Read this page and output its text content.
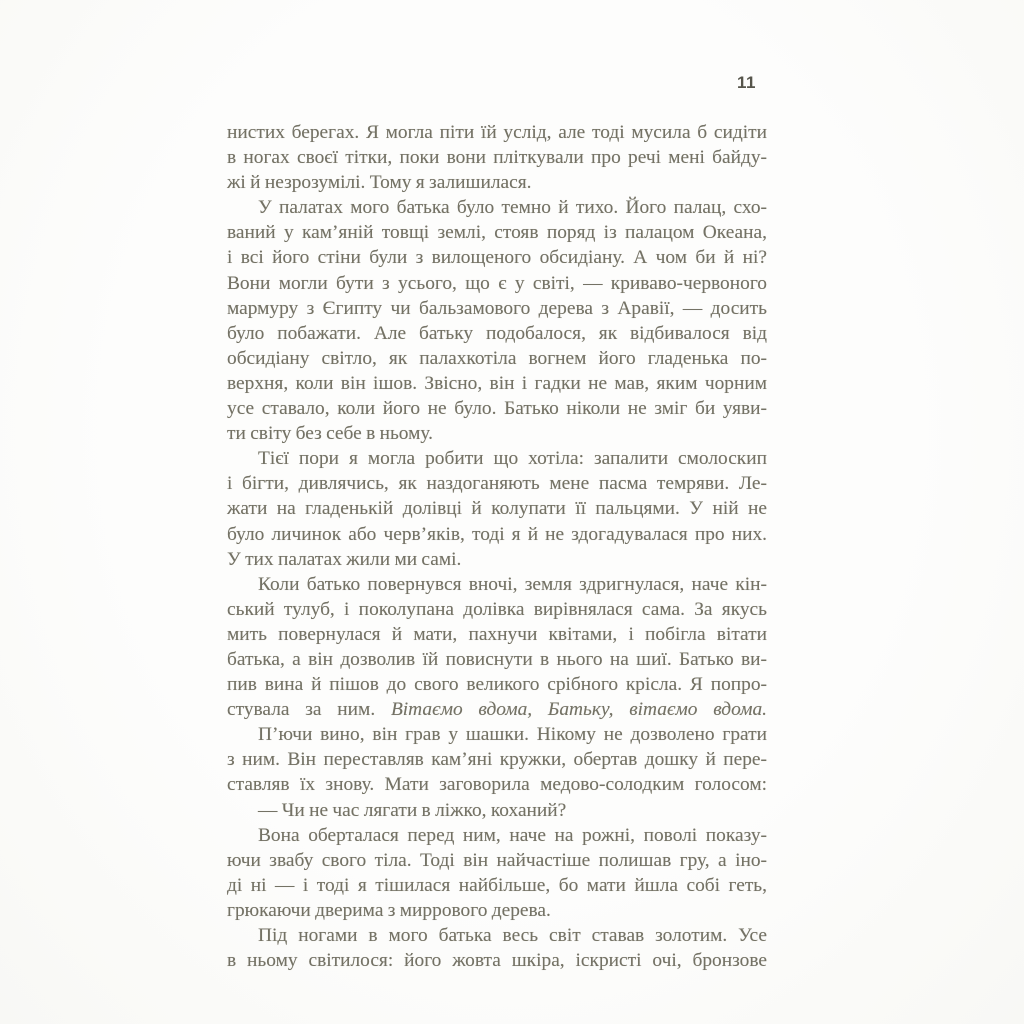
11
нистих берегах. Я могла піти їй услід, але тоді мусила б сидіти
в ногах своєї тітки, поки вони пліткували про речі мені байду-
жі й незрозумілі. Тому я залишилася.
У палатах мого батька було темно й тихо. Його палац, схо-
ваний у кам’яній товщі землі, стояв поряд із палацом Океана,
і всі його стіни були з вилощеного обсидіану. А чом би й ні?
Вони могли бути з усього, що є у світі, — криваво-червоного
мармуру з Єгипту чи бальзамового дерева з Аравії, — досить
було побажати. Але батьку подобалося, як відбивалося від
обсидіану світло, як палахкотіла вогнем його гладенька по-
верхня, коли він ішов. Звісно, він і гадки не мав, яким чорним
усе ставало, коли його не було. Батько ніколи не зміг би уяви-
ти світу без себе в ньому.
Тієї пори я могла робити що хотіла: запалити смолоскип
і бігти, дивлячись, як наздоганяють мене пасма темряви. Ле-
жати на гладенькій долівці й колупати її пальцями. У ній не
було личинок або черв’яків, тоді я й не здогадувалася про них.
У тих палатах жили ми самі.
Коли батько повернувся вночі, земля здригнулася, наче кін-
ський тулуб, і поколупана долівка вирівнялася сама. За якусь
мить повернулася й мати, пахнучи квітами, і побігла вітати
батька, а він дозволив їй повиснути в нього на шиї. Батько ви-
пив вина й пішов до свого великого срібного крісла. Я попро-
стувала за ним. Вітаємо вдома, Батьку, вітаємо вдома.
П’ючи вино, він грав у шашки. Нікому не дозволено грати
з ним. Він переставляв кам’яні кружки, обертав дошку й пере-
ставляв їх знову. Мати заговорила медово-солодким голосом:
— Чи не час лягати в ліжко, коханий?
Вона оберталася перед ним, наче на рожні, поволі показу-
ючи звабу свого тіла. Тоді він найчастіше полишав гру, а іно-
ді ні — і тоді я тішилася найбільше, бо мати йшла собі геть,
грюкаючи дверима з миррового дерева.
Під ногами в мого батька весь світ ставав золотим. Усе
в ньому світилося: його жовта шкіра, іскристі очі, бронзове
